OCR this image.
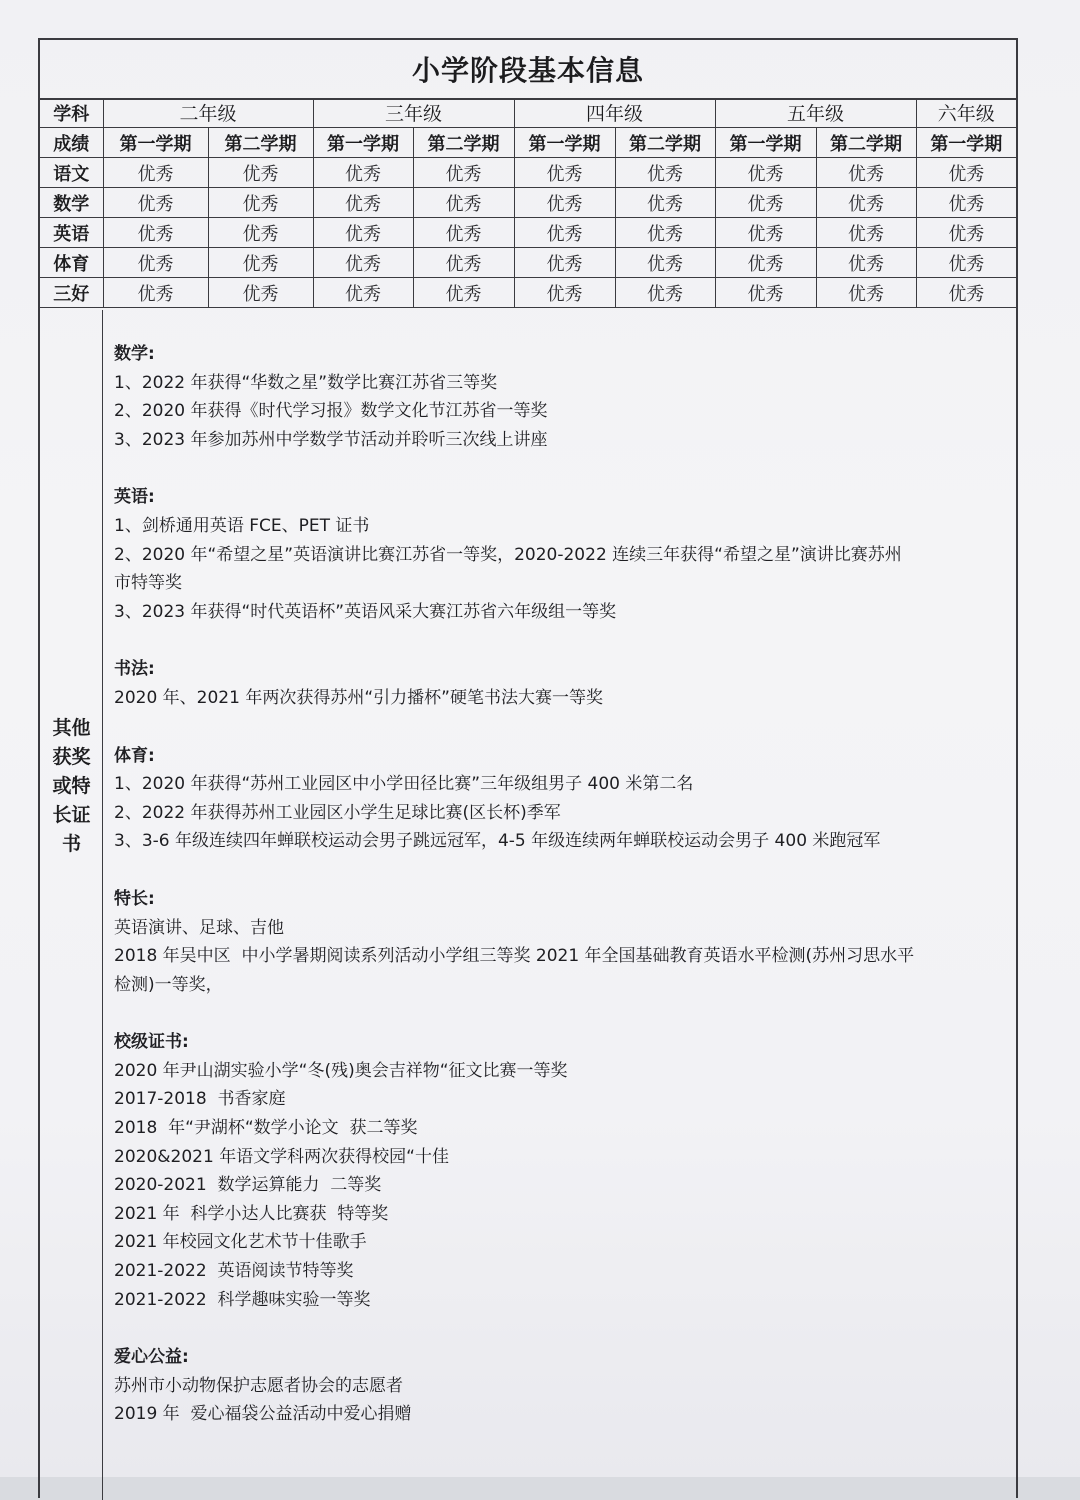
小学阶段基本信息
学科	二年级		三年级		四年级		五年级		六年级
成绩	第一学期	第二学期	第一学期	第二学期	第一学期	第二学期	第一学期	第二学期	第一学期
语文	优秀	优秀	优秀	优秀	优秀	优秀	优秀	优秀	优秀
数学	优秀	优秀	优秀	优秀	优秀	优秀	优秀	优秀	优秀
英语	优秀	优秀	优秀	优秀	优秀	优秀	优秀	优秀	优秀
体育	优秀	优秀	优秀	优秀	优秀	优秀	优秀	优秀	优秀
三好	优秀	优秀	优秀	优秀	优秀	优秀	优秀	优秀	优秀
其他
获奖
或特
长证
书
数学:

1、2022 年获得“华数之星”数学比赛江苏省三等奖

2、2020 年获得《时代学习报》数学文化节江苏省一等奖

3、2023 年参加苏州中学数学节活动并聆听三次线上讲座

英语:

1、剑桥通用英语 FCE、PET 证书

2、2020 年“希望之星”英语演讲比赛江苏省一等奖，2020-2022 连续三年获得“希望之星”演讲比赛苏州

市特等奖

3、2023 年获得“时代英语杯”英语风采大赛江苏省六年级组一等奖

书法:

2020 年、2021 年两次获得苏州“引力播杯”硬笔书法大赛一等奖

体育:

1、2020 年获得“苏州工业园区中小学田径比赛”三年级组男子 400 米第二名

2、2022 年获得苏州工业园区小学生足球比赛(区长杯)季军

3、3-6 年级连续四年蝉联校运动会男子跳远冠军，4-5 年级连续两年蝉联校运动会男子 400 米跑冠军

特长:

英语演讲、足球、吉他

2018 年吴中区  中小学暑期阅读系列活动小学组三等奖 2021 年全国基础教育英语水平检测(苏州习思水平

检测)一等奖，

校级证书:

2020 年尹山湖实验小学“冬(残)奥会吉祥物“征文比赛一等奖

2017-2018  书香家庭

2018  年“尹湖杯“数学小论文  获二等奖

2020&2021 年语文学科两次获得校园“十佳

2020-2021  数学运算能力  二等奖

2021 年  科学小达人比赛获  特等奖

2021 年校园文化艺术节十佳歌手

2021-2022  英语阅读节特等奖

2021-2022  科学趣味实验一等奖

爱心公益:

苏州市小动物保护志愿者协会的志愿者

2019 年  爱心福袋公益活动中爱心捐赠
